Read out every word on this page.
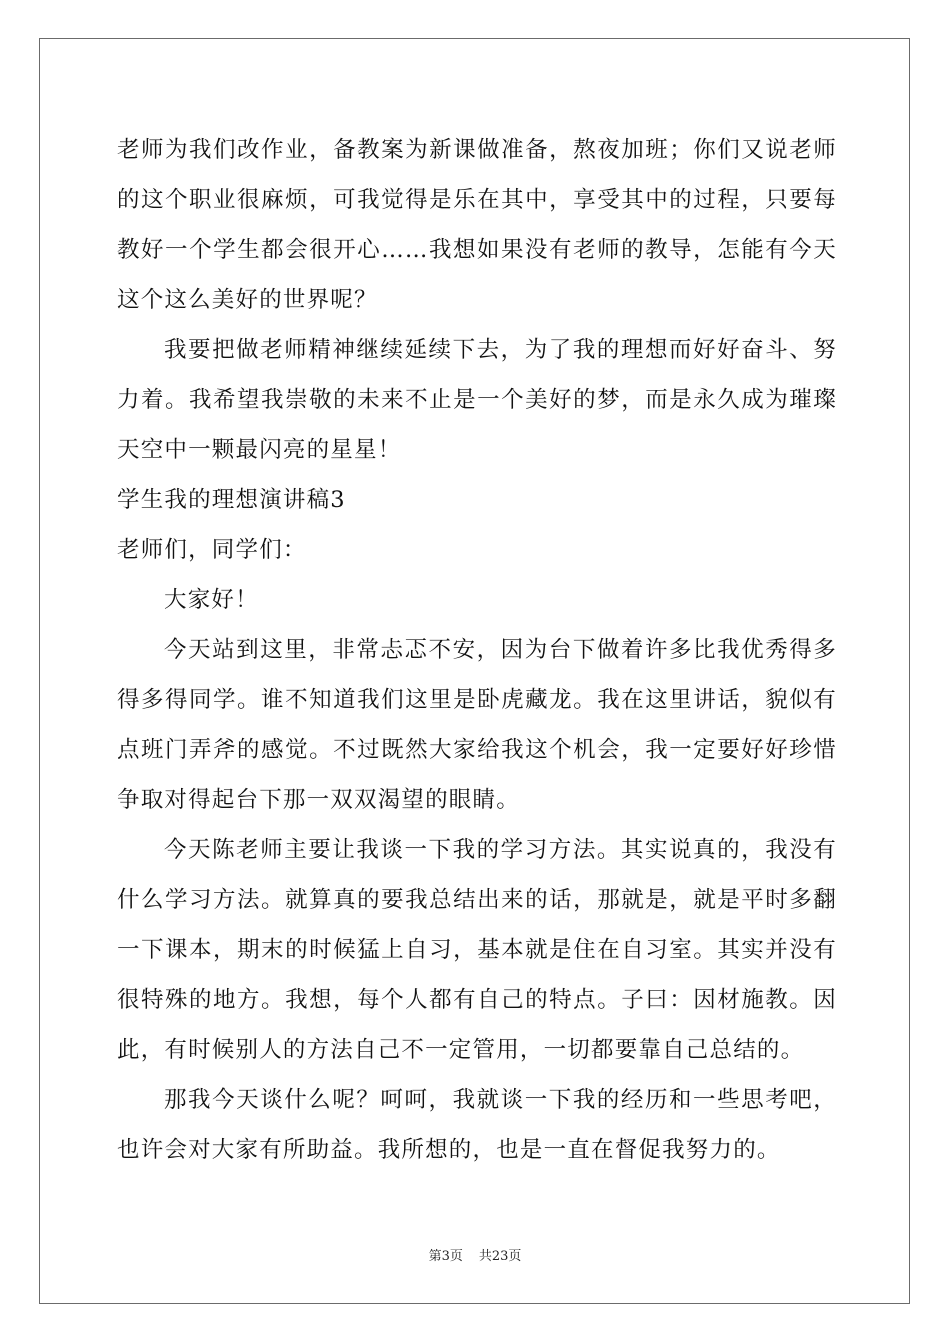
老师为我们改作业，备教案为新课做准备，熬夜加班；你们又说老师的这个职业很麻烦，可我觉得是乐在其中，享受其中的过程，只要每教好一个学生都会很开心……我想如果没有老师的教导，怎能有今天这个这么美好的世界呢？

我要把做老师精神继续延续下去，为了我的理想而好好奋斗、努力着。我希望我崇敬的未来不止是一个美好的梦，而是永久成为璀璨天空中一颗最闪亮的星星！

学生我的理想演讲稿3

老师们，同学们：

大家好！

今天站到这里，非常忐忑不安，因为台下做着许多比我优秀得多得多得同学。谁不知道我们这里是卧虎藏龙。我在这里讲话，貌似有点班门弄斧的感觉。不过既然大家给我这个机会，我一定要好好珍惜争取对得起台下那一双双渴望的眼睛。

今天陈老师主要让我谈一下我的学习方法。其实说真的，我没有什么学习方法。就算真的要我总结出来的话，那就是，就是平时多翻一下课本，期末的时候猛上自习，基本就是住在自习室。其实并没有很特殊的地方。我想，每个人都有自己的特点。子曰：因材施教。因此，有时候别人的方法自己不一定管用，一切都要靠自己总结的。

那我今天谈什么呢？呵呵，我就谈一下我的经历和一些思考吧，也许会对大家有所助益。我所想的，也是一直在督促我努力的。

第3页 共23页
